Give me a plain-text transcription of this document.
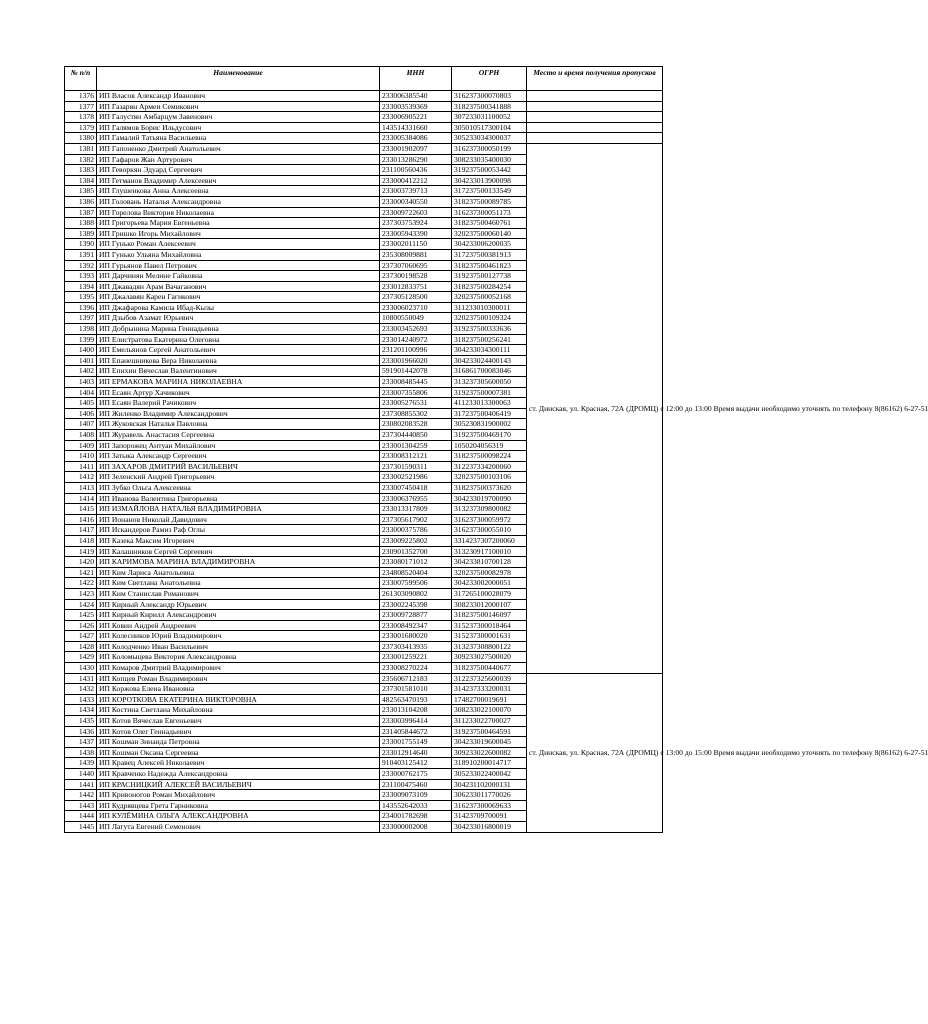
№ п/п	Наименование	ИНН	ОГРН	Место и время получения пропусков
1376	ИП Власов Александр Иванович	233006385540	316237300070803	
1377	ИП Газарян Армен Семикович	233003539369	318237500341888	
1378	ИП Галустян Амбарцум Завенович	233006905221	307233031100052	
1379	ИП Галямов Борис Ильдусович	143514331660	305010517300104	
1380	ИП Гамалий Татьяна Васильевна	233005384086	305233034300037	
1381	ИП Гапоненко Дмитрий Анатольевич	233001902097	316237300050199	ст. Динская, ул. Красная, 72А (ДРОМЦ) с 12:00 до 13:00 Время выдачи необходимо уточнять по телефону 8(86162) 6-27-51
1382	ИП Гафаров Жан Артурович	233013286290	308233035400030	
1383	ИП Геворкян Эдуард Сергеевич	231100560436	319237500053442	
1384	ИП Гетманов Владимир Алексеевич	233000412212	304233013900098	
1385	ИП Глушенкова Анна Алексеевна	233003739713	317237500133549	
1386	ИП Головань Наталья Александровна	233000340550	318237500089785	
1387	ИП Горелова Виктория Николаевна	233009722603	316237300051173	
1388	ИП Григорьева Мария Евгеньевна	237303753924	318237500460761	
1389	ИП Гришко Игорь Михайлович	233005943390	320237500060140	
1390	ИП Гунько Роман Алексеевич	233002011150	304233006200035	
1391	ИП Гунько Ульяна Михайловна	235308009881	317237500381913	
1392	ИП Гурьянов Павел Петрович	237307060695	318237500461823	
1393	ИП Дарчинян Мелине Гайковна	237300198528	319237500127738	
1394	ИП Джавадян Арам Вачаганович	233012833751	318237500284254	
1395	ИП Джалавян Карен Гагикович	237305128500	320237500052168	
1396	ИП Джафарова Камила Ибад-Кызы	233006023710	311233010300011	
1397	ИП Дзыбов Азамат Юрьевич	10800550049	320237500109324	
1398	ИП Добрынина Марина Геннадьевна	233003452693	319237500333636	
1399	ИП Елистратова Екатерина Олеговна	233014240972	318237500256241	
1400	ИП Емельянов Сергей Анатольевич	231201100996	304233034300111	
1401	ИП Епанешникова Вера Николаевна	233001966020	304233024400143	
1402	ИП Епихин Вячеслав Валентинович	591901442078	316861700083046	
1403	ИП ЕРМАКОВА МАРИНА НИКОЛАЕВНА	233008485445	313237305600050	
1404	ИП Есаян Артур Хачикович	233007355806	319237500007381	
1405	ИП Есаян Валерий Рачикович	233005276531	411233013300063	
1406	ИП Жиленко Владимир Александрович	237308855302	317237500406419	
1407	ИП Жуковская Наталья Павловна	230802083528	305230831900002	
1408	ИП Журавель Анастасия Сергеевна	237304440850	319237500469170	
1409	ИП Запорожец Антуан Михайлович	233001304259	1050204056319	
1410	ИП Затыка Александр Сергеевич	233008312121	318237500098224	
1411	ИП ЗАХАРОВ ДМИТРИЙ ВАСИЛЬЕВИЧ	237301590311	312237334200060	
1412	ИП Зеленский Андрей Григорьевич	233002521986	320237500103106	
1413	ИП Зубко Ольга Алексеевна	233007450418	318237500373620	
1414	ИП Иванова Валентина Григорьевна	233006376955	304233019700090	
1415	ИП ИЗМАЙЛОВА НАТАЛЬЯ ВЛАДИМИРОВНА	233013317809	313237309800082	
1416	ИП Ионанов Николай Давидович	237305617902	316237300059972	
1417	ИП Искандеров Рамиз Раф Оглы	233000375786	316237300055010	
1418	ИП Казека Максим Игоревич	233009225802	3314237307200060	
1419	ИП Калашников Сергей Сергеевич	230901352700	313230917100010	
1420	ИП КАРИМОВА МАРИНА ВЛАДИМИРОВНА	233080171012	304233810700128	
1421	ИП Ким Лариса Анатольевна	234808520404	320237500082978	
1422	ИП Ким Светлана Анатольевна	233007599506	304233002000051	
1423	ИП Ким Станислав Романович	261303090802	317265100028079	
1424	ИП Кирный Александр Юрьевич	233002245398	308233012000107	
1425	ИП Кирный Кирилл Александрович	233009728877	318237500146097	
1426	ИП Ковин Андрей Андреевич	233008492347	315237300018464	
1427	ИП Колесников Юрий Владимирович	233001680020	315237300001631	
1428	ИП Колодченко Иван Васильевич	237303413935	313237308800122	
1429	ИП Коломыцева Виктория Александровна	233001259221	309233027500020	
1430	ИП Комаров Дмитрий Владимирович	233008270224	318237500440677	
1431	ИП Копцев Роман Владимирович	235606712183	312237325600039	ст. Динская, ул. Красная, 72А (ДРОМЦ) с 13:00 до 15:00 Время выдачи необходимо уточнять по телефону 8(86162) 6-27-51
1432	ИП Коржова Елена Ивановна	237301581010	314237333200031	
1433	ИП КОРОТКОВА ЕКАТЕРИНА ВИКТОРОВНА	482563470193	17482700019691	
1434	ИП Костина Светлана Михайловна	233013104208	308233022100070	
1435	ИП Котов Вячеслав Евгеньевич	233003996414	311233022700027	
1436	ИП Котов Олег Геннадьевич	231405844672	319237500464591	
1437	ИП Кошман Зинаида Петровна	233001755149	304233019600045	
1438	ИП Кошман Оксана Сергеевна	233012914640	309233022600082	
1439	ИП Кравец Алексей Николаевич	910403125412	318910200014717	
1440	ИП Кравченко Надежда Александровна	233000762175	305233022400042	
1441	ИП КРАСНИЦКИЙ АЛЕКСЕЙ ВАСИЛЬЕВИЧ	231100475460	304231102000131	
1442	ИП Кривоногов Роман Михайлович	233009073109	306233011770026	
1443	ИП Кудрявцева Грета Гарниковна	143552642033	316237300069633	
1444	ИП КУЛЁМИНА ОЛЬГА АЛЕКСАНДРОВНА	234001782698	31423709700091	
1445	ИП Лагута Евгений Семенович	233000002008	304233016800019	
